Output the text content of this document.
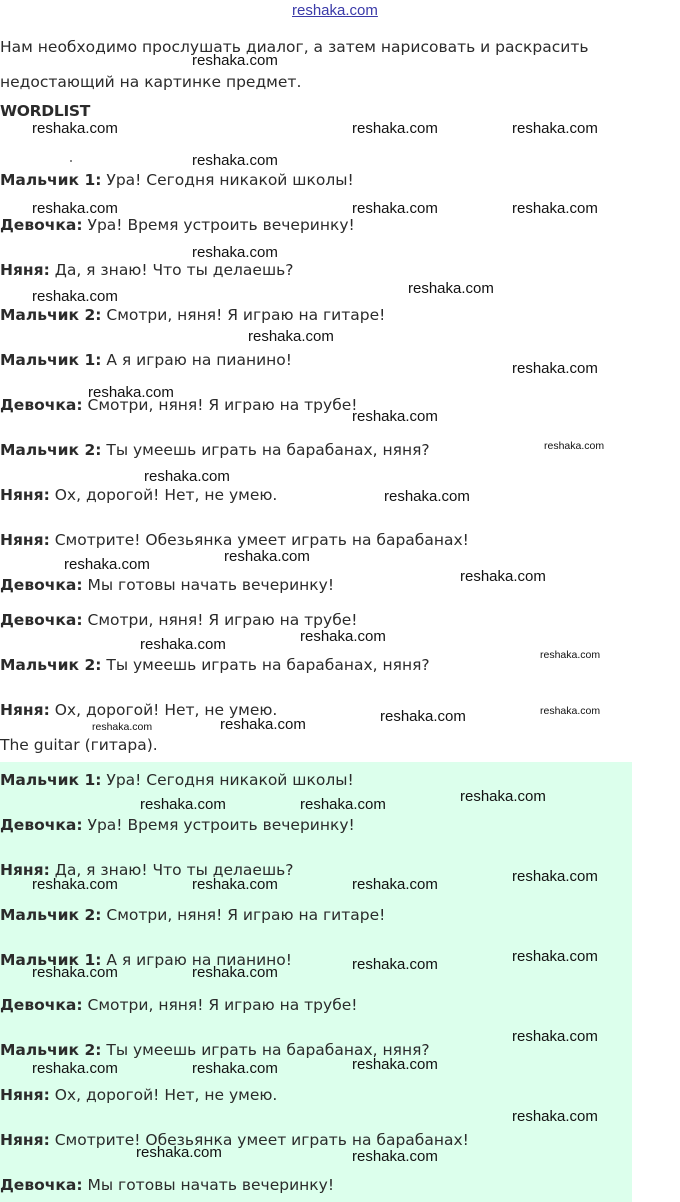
reshaka.com
Нам необходимо прослушать диалог, а затем нарисовать и раскрасить недостающий на картинке предмет.
WORDLIST
Мальчик 1: Ура! Сегодня никакой школы!
Девочка: Ура! Время устроить вечеринку!
Няня: Да, я знаю! Что ты делаешь?
Мальчик 2: Смотри, няня! Я играю на гитаре!
Мальчик 1: А я играю на пианино!
Девочка: Смотри, няня! Я играю на трубе!
Мальчик 2: Ты умеешь играть на барабанах, няня?
Няня: Ох, дорогой! Нет, не умею.
Няня: Смотрите! Обезьянка умеет играть на барабанах!
Девочка: Мы готовы начать вечеринку!
Девочка: Смотри, няня! Я играю на трубе!
Мальчик 2: Ты умеешь играть на барабанах, няня?
Няня: Ох, дорогой! Нет, не умею.
The guitar (гитара).
Мальчик 1: Ура! Сегодня никакой школы!
Девочка: Ура! Время устроить вечеринку!
Няня: Да, я знаю! Что ты делаешь?
Мальчик 2: Смотри, няня! Я играю на гитаре!
Мальчик 1: А я играю на пианино!
Девочка: Смотри, няня! Я играю на трубе!
Мальчик 2: Ты умеешь играть на барабанах, няня?
Няня: Ох, дорогой! Нет, не умею.
Няня: Смотрите! Обезьянка умеет играть на барабанах!
Девочка: Мы готовы начать вечеринку!
reshaka.com
reshaka.com	reshaka.com	reshaka.com
reshaka.com
reshaka.com	reshaka.com	reshaka.com
reshaka.com
reshaka.com
reshaka.com
reshaka.com
reshaka.com
reshaka.com
reshaka.com
reshaka.com
reshaka.com
reshaka.com
reshaka.com
reshaka.com
reshaka.com
reshaka.com
reshaka.com
reshaka.com
reshaka.com
reshaka.com
reshaka.com
reshaka.com
reshaka.com
reshaka.com	reshaka.com
reshaka.com
reshaka.com	reshaka.com	reshaka.com
reshaka.com
reshaka.com
reshaka.com	reshaka.com
reshaka.com
reshaka.com
reshaka.com	reshaka.com
reshaka.com
reshaka.com	reshaka.com
